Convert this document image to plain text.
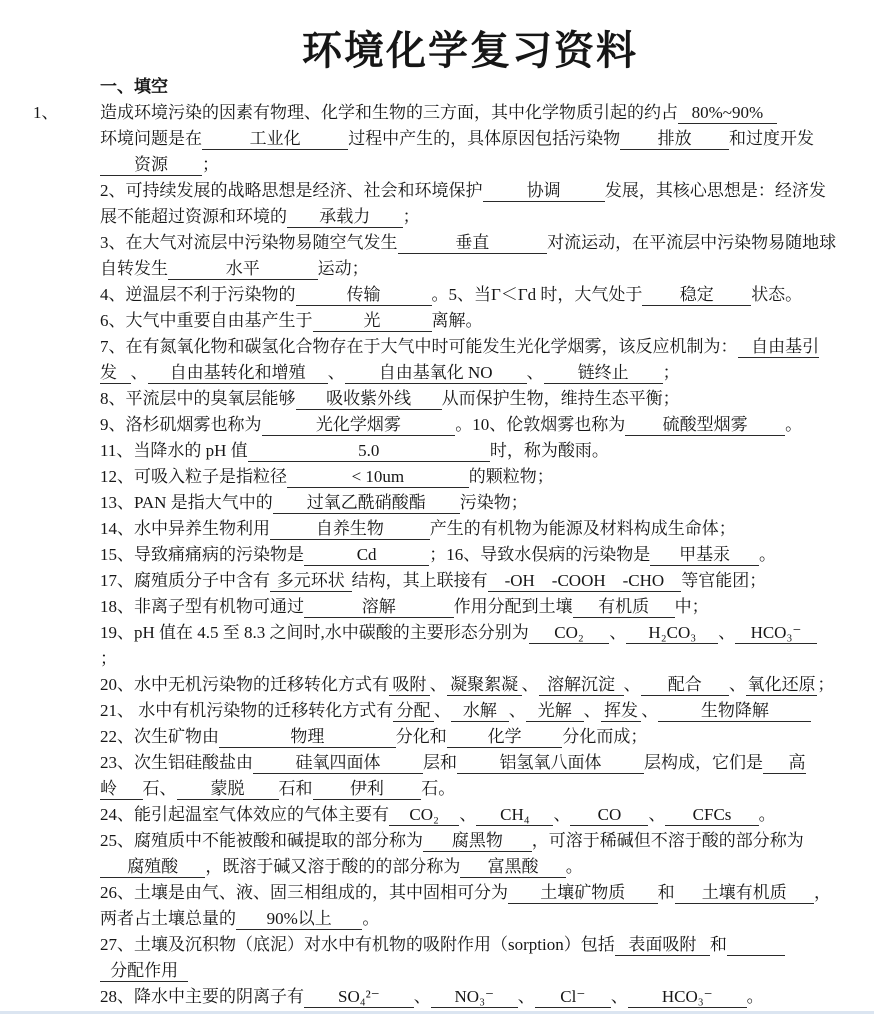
环境化学复习资料
一、填空

1、 造成环境污染的因素有物理、化学和生物的三方面，其中化学物质引起的约占 80%~90%
环境问题是在	工业化	过程中产生的，具体原因包括污染物 排放 和过度开发资源 ；

2、可持续发展的战略思想是经济、社会和环境保护	协调	发展，其核心思想是：经济发展不能超过资源和环境的 承载力 ；

3、在大气对流层中污染物易随空气发生	垂直	对流运动，在平流层中污染物易随地球自转发生	水平	运动；

4、逆温层不利于污染物的	传输	。5、当Γ＜Γd 时，大气处于 稳定 状态。

6、大气中重要自由基产生于	光	离解。

7、在有氮氧化物和碳氢化合物存在于大气中时可能发生光化学烟雾，该反应机制为： 自由基引发 、 自由基转化和增殖 、 自由基氧化 NO 、 链终止 ；

8、平流层中的臭氧层能够 吸收紫外线 从而保护生物，维持生态平衡；

9、洛杉矶烟雾也称为	光化学烟雾	。10、伦敦烟雾也称为 硫酸型烟雾 。

11、当降水的 pH 值	5.0	时，称为酸雨。

12、可吸入粒子是指粒径	< 10um	的颗粒物；

13、PAN 是指大气中的 过氧乙酰硝酸酯 污染物；

14、水中异养生物利用	自养生物	产生的有机物为能源及材料构成生命体；

15、导致痛痛病的污染物是	Cd	；16、导致水俣病的污染物是 甲基汞 。

17、腐殖质分子中含有 多元环状 结构，其上联接有 -OH　-COOH　-CHO 等官能团；

18、非离子型有机物可通过	溶解	作用分配到土壤 有机质 中；

19、pH 值在 4.5 至 8.3 之间时,水中碳酸的主要形态分别为 CO₂ 、 H₂CO₃ 、 HCO₃⁻
；

20、水中无机污染物的迁移转化方式有 吸附 、 凝聚絮凝 、 溶解沉淀 、 配合 、氧化还原；

21、 水中有机污染物的迁移转化方式有 分配 、 水解 、 光解 、 挥发 、	生物降解

22、次生矿物由	物理	分化和 化学 分化而成；

23、次生铝硅酸盐由	硅氧四面体	层和	铝氢氧八面体	层构成，它们是 高岭 石、 蒙脱 石和 伊利 石。

24、能引起温室气体效应的气体主要有 CO₂ 、 CH₄ 、 CO 、 CFCs 。

25、腐殖质中不能被酸和碱提取的部分称为 腐黑物 ，可溶于稀碱但不溶于酸的部分称为腐殖酸 ，既溶于碱又溶于酸的的部分称为 富黑酸 。

26、土壤是由气、液、固三相组成的，其中固相可分为 土壤矿物质 和 土壤有机质 ，两者占土壤总量的 90%以上 。

27、土壤及沉积物（底泥）对水中有机物的吸附作用（sorption）包括 表面吸附 和
分配作用

28、降水中主要的阴离子有 SO₄²⁻ 、 NO₃⁻ 、 Cl⁻ 、 HCO₃⁻ 。
